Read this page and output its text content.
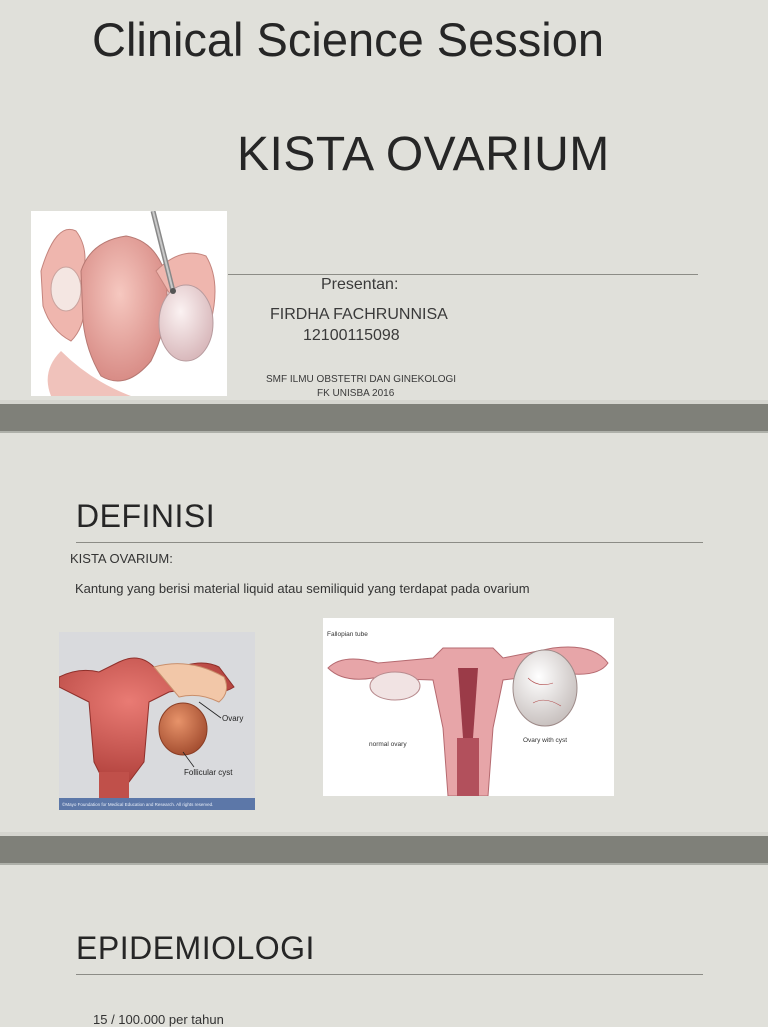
Clinical Science Session
KISTA OVARIUM
Presentan:
FIRDHA FACHRUNNISA
12100115098
SMF ILMU OBSTETRI DAN GINEKOLOGI
FK UNISBA 2016
DEFINISI
KISTA OVARIUM:
Kantung yang berisi material liquid atau semiliquid yang terdapat pada ovarium
Ovary
Follicular cyst
©Mayo Foundation for Medical Education and Research. All rights reserved.
Fallopian tube
normal ovary
Ovary with cyst
EPIDEMIOLOGI
15 / 100.000 per tahun
